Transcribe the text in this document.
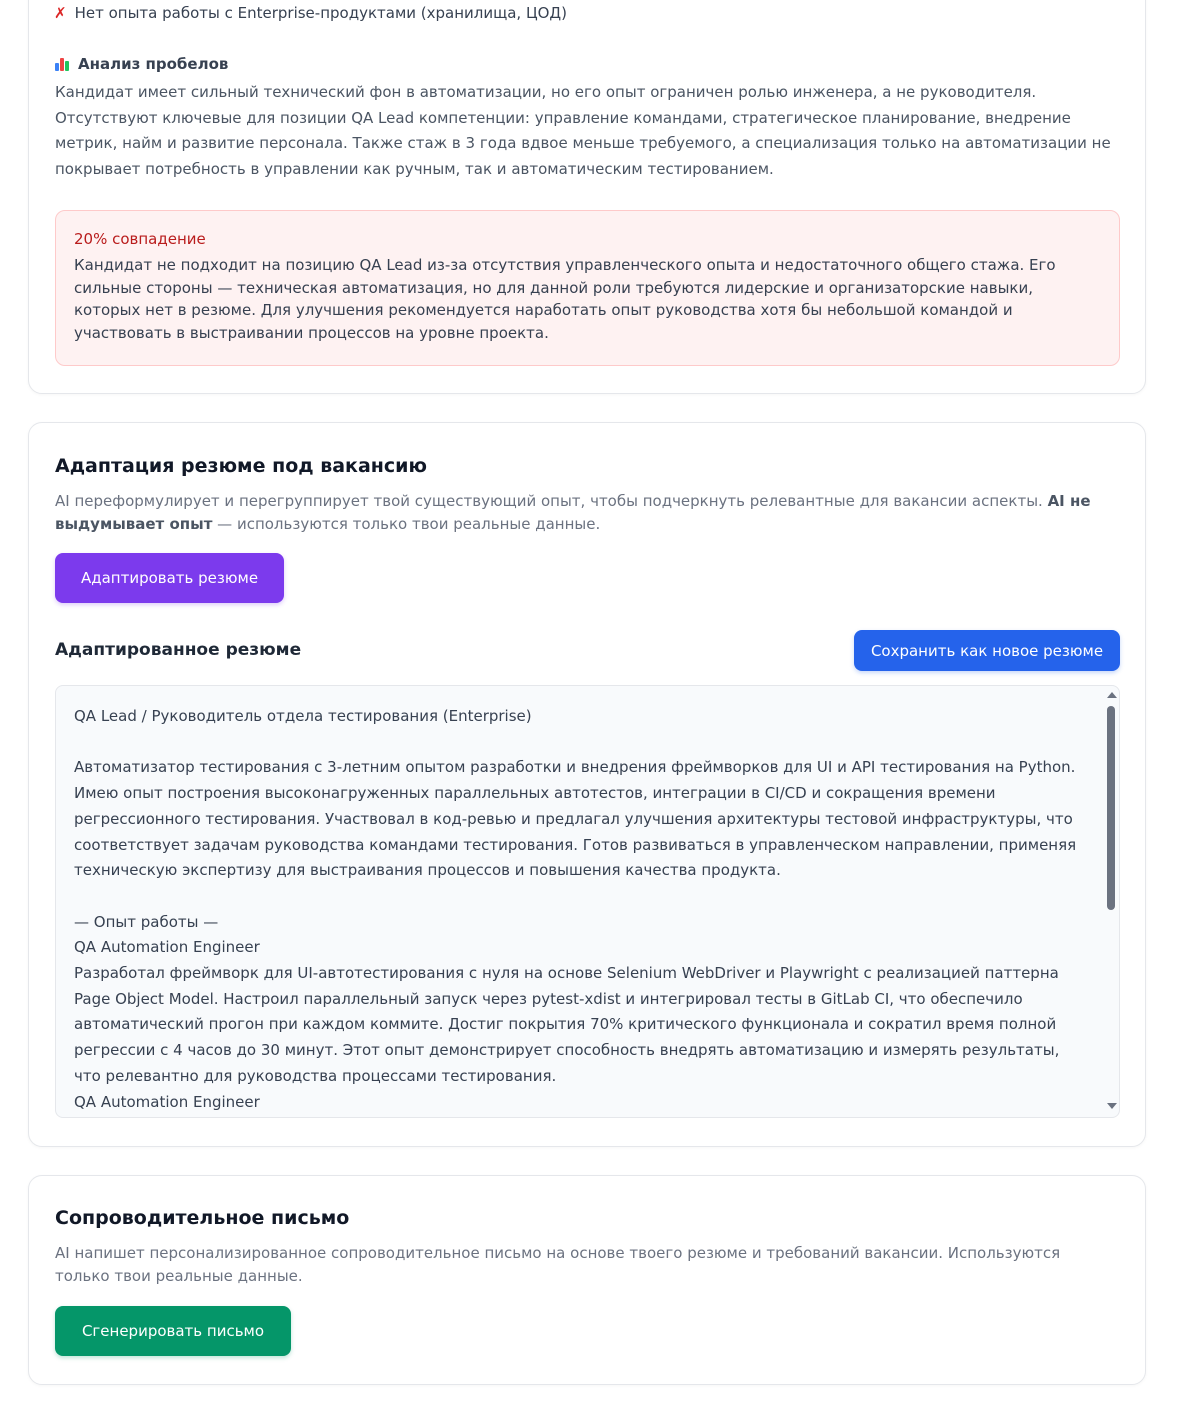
✗ Нет опыта работы с Enterprise-продуктами (хранилища, ЦОД)
Анализ пробелов
Кандидат имеет сильный технический фон в автоматизации, но его опыт ограничен ролью инженера, а не руководителя. Отсутствуют ключевые для позиции QA Lead компетенции: управление командами, стратегическое планирование, внедрение метрик, найм и развитие персонала. Также стаж в 3 года вдвое меньше требуемого, а специализация только на автоматизации не покрывает потребность в управлении как ручным, так и автоматическим тестированием.
20% совпадение
Кандидат не подходит на позицию QA Lead из-за отсутствия управленческого опыта и недостаточного общего стажа. Его сильные стороны — техническая автоматизация, но для данной роли требуются лидерские и организаторские навыки, которых нет в резюме. Для улучшения рекомендуется наработать опыт руководства хотя бы небольшой командой и участвовать в выстраивании процессов на уровне проекта.
Адаптация резюме под вакансию
AI переформулирует и перегруппирует твой существующий опыт, чтобы подчеркнуть релевантные для вакансии аспекты. AI не выдумывает опыт — используются только твои реальные данные.
Адаптировать резюме
Адаптированное резюме	Сохранить как новое резюме

QA Lead / Руководитель отдела тестирования (Enterprise)

Автоматизатор тестирования с 3-летним опытом разработки и внедрения фреймворков для UI и API тестирования на Python. Имею опыт построения высоконагруженных параллельных автотестов, интеграции в CI/CD и сокращения времени регрессионного тестирования. Участвовал в код-ревью и предлагал улучшения архитектуры тестовой инфраструктуры, что соответствует задачам руководства командами тестирования. Готов развиваться в управленческом направлении, применяя техническую экспертизу для выстраивания процессов и повышения качества продукта.

— Опыт работы —

QA Automation Engineer

Разработал фреймворк для UI-автотестирования с нуля на основе Selenium WebDriver и Playwright с реализацией паттерна Page Object Model. Настроил параллельный запуск через pytest-xdist и интегрировал тесты в GitLab CI, что обеспечило автоматический прогон при каждом коммите. Достиг покрытия 70% критического функционала и сократил время полной регрессии с 4 часов до 30 минут. Этот опыт демонстрирует способность внедрять автоматизацию и измерять результаты, что релевантно для руководства процессами тестирования.

QA Automation Engineer

Сопроводительное письмо
AI напишет персонализированное сопроводительное письмо на основе твоего резюме и требований вакансии. Используются только твои реальные данные.
Сгенерировать письмо
